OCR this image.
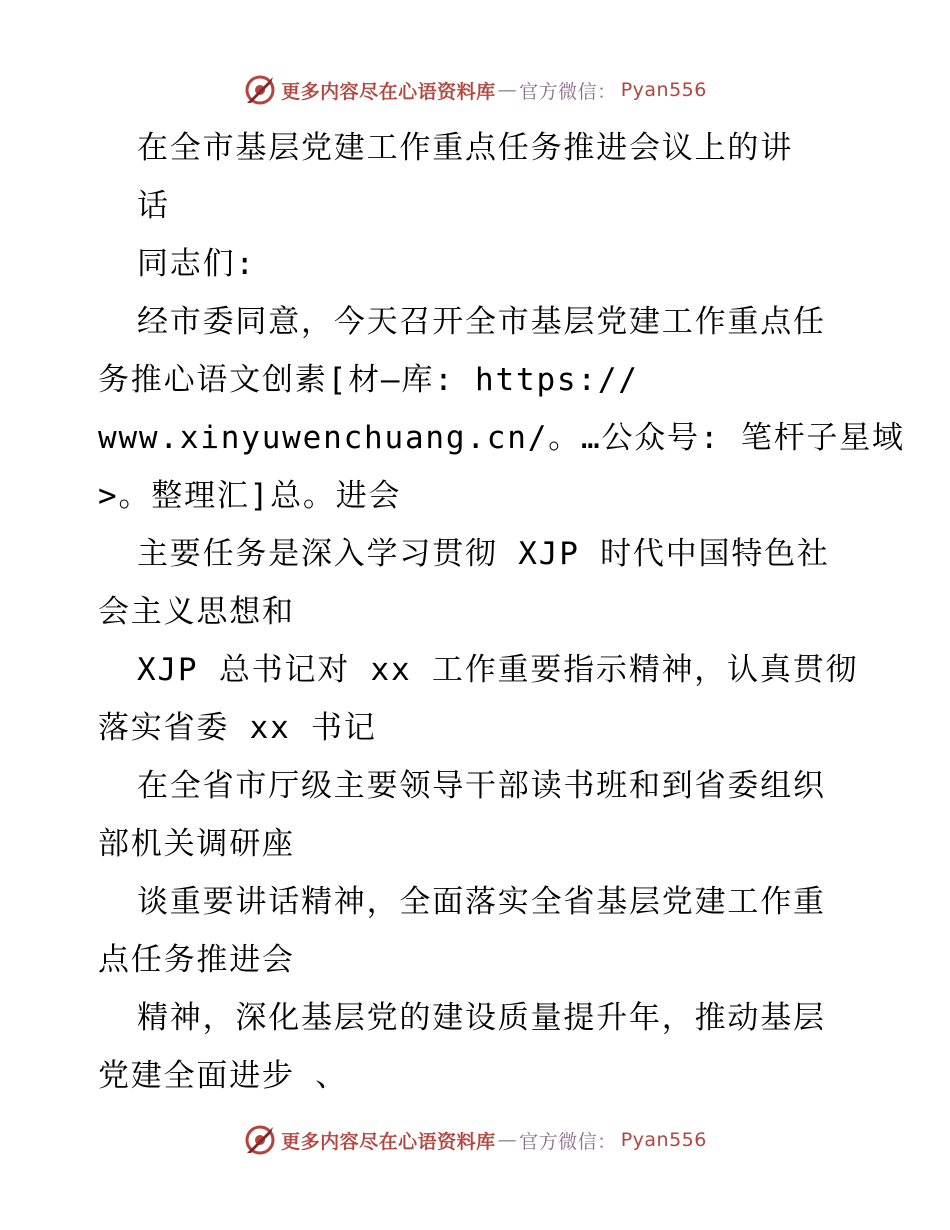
更多内容尽在心语资料库 — 官方微信 ： Pyan556
在全市基层党建工作重点任务推进会议上的讲
话
同志们:
经市委同意，今天召开全市基层党建工作重点任
务推心语文创素[材—库: https://
www.xinyuwenchuang.cn/。…公众号: 笔杆子星域
>。整理汇]总。进会
主要任务是深入学习贯彻 XJP 时代中国特色社
会主义思想和
XJP 总书记对 xx 工作重要指示精神，认真贯彻
落实省委 xx 书记
在全省市厅级主要领导干部读书班和到省委组织
部机关调研座
谈重要讲话精神，全面落实全省基层党建工作重
点任务推进会
精神，深化基层党的建设质量提升年，推动基层
党建全面进步 、
更多内容尽在心语资料库 — 官方微信 ： Pyan556
